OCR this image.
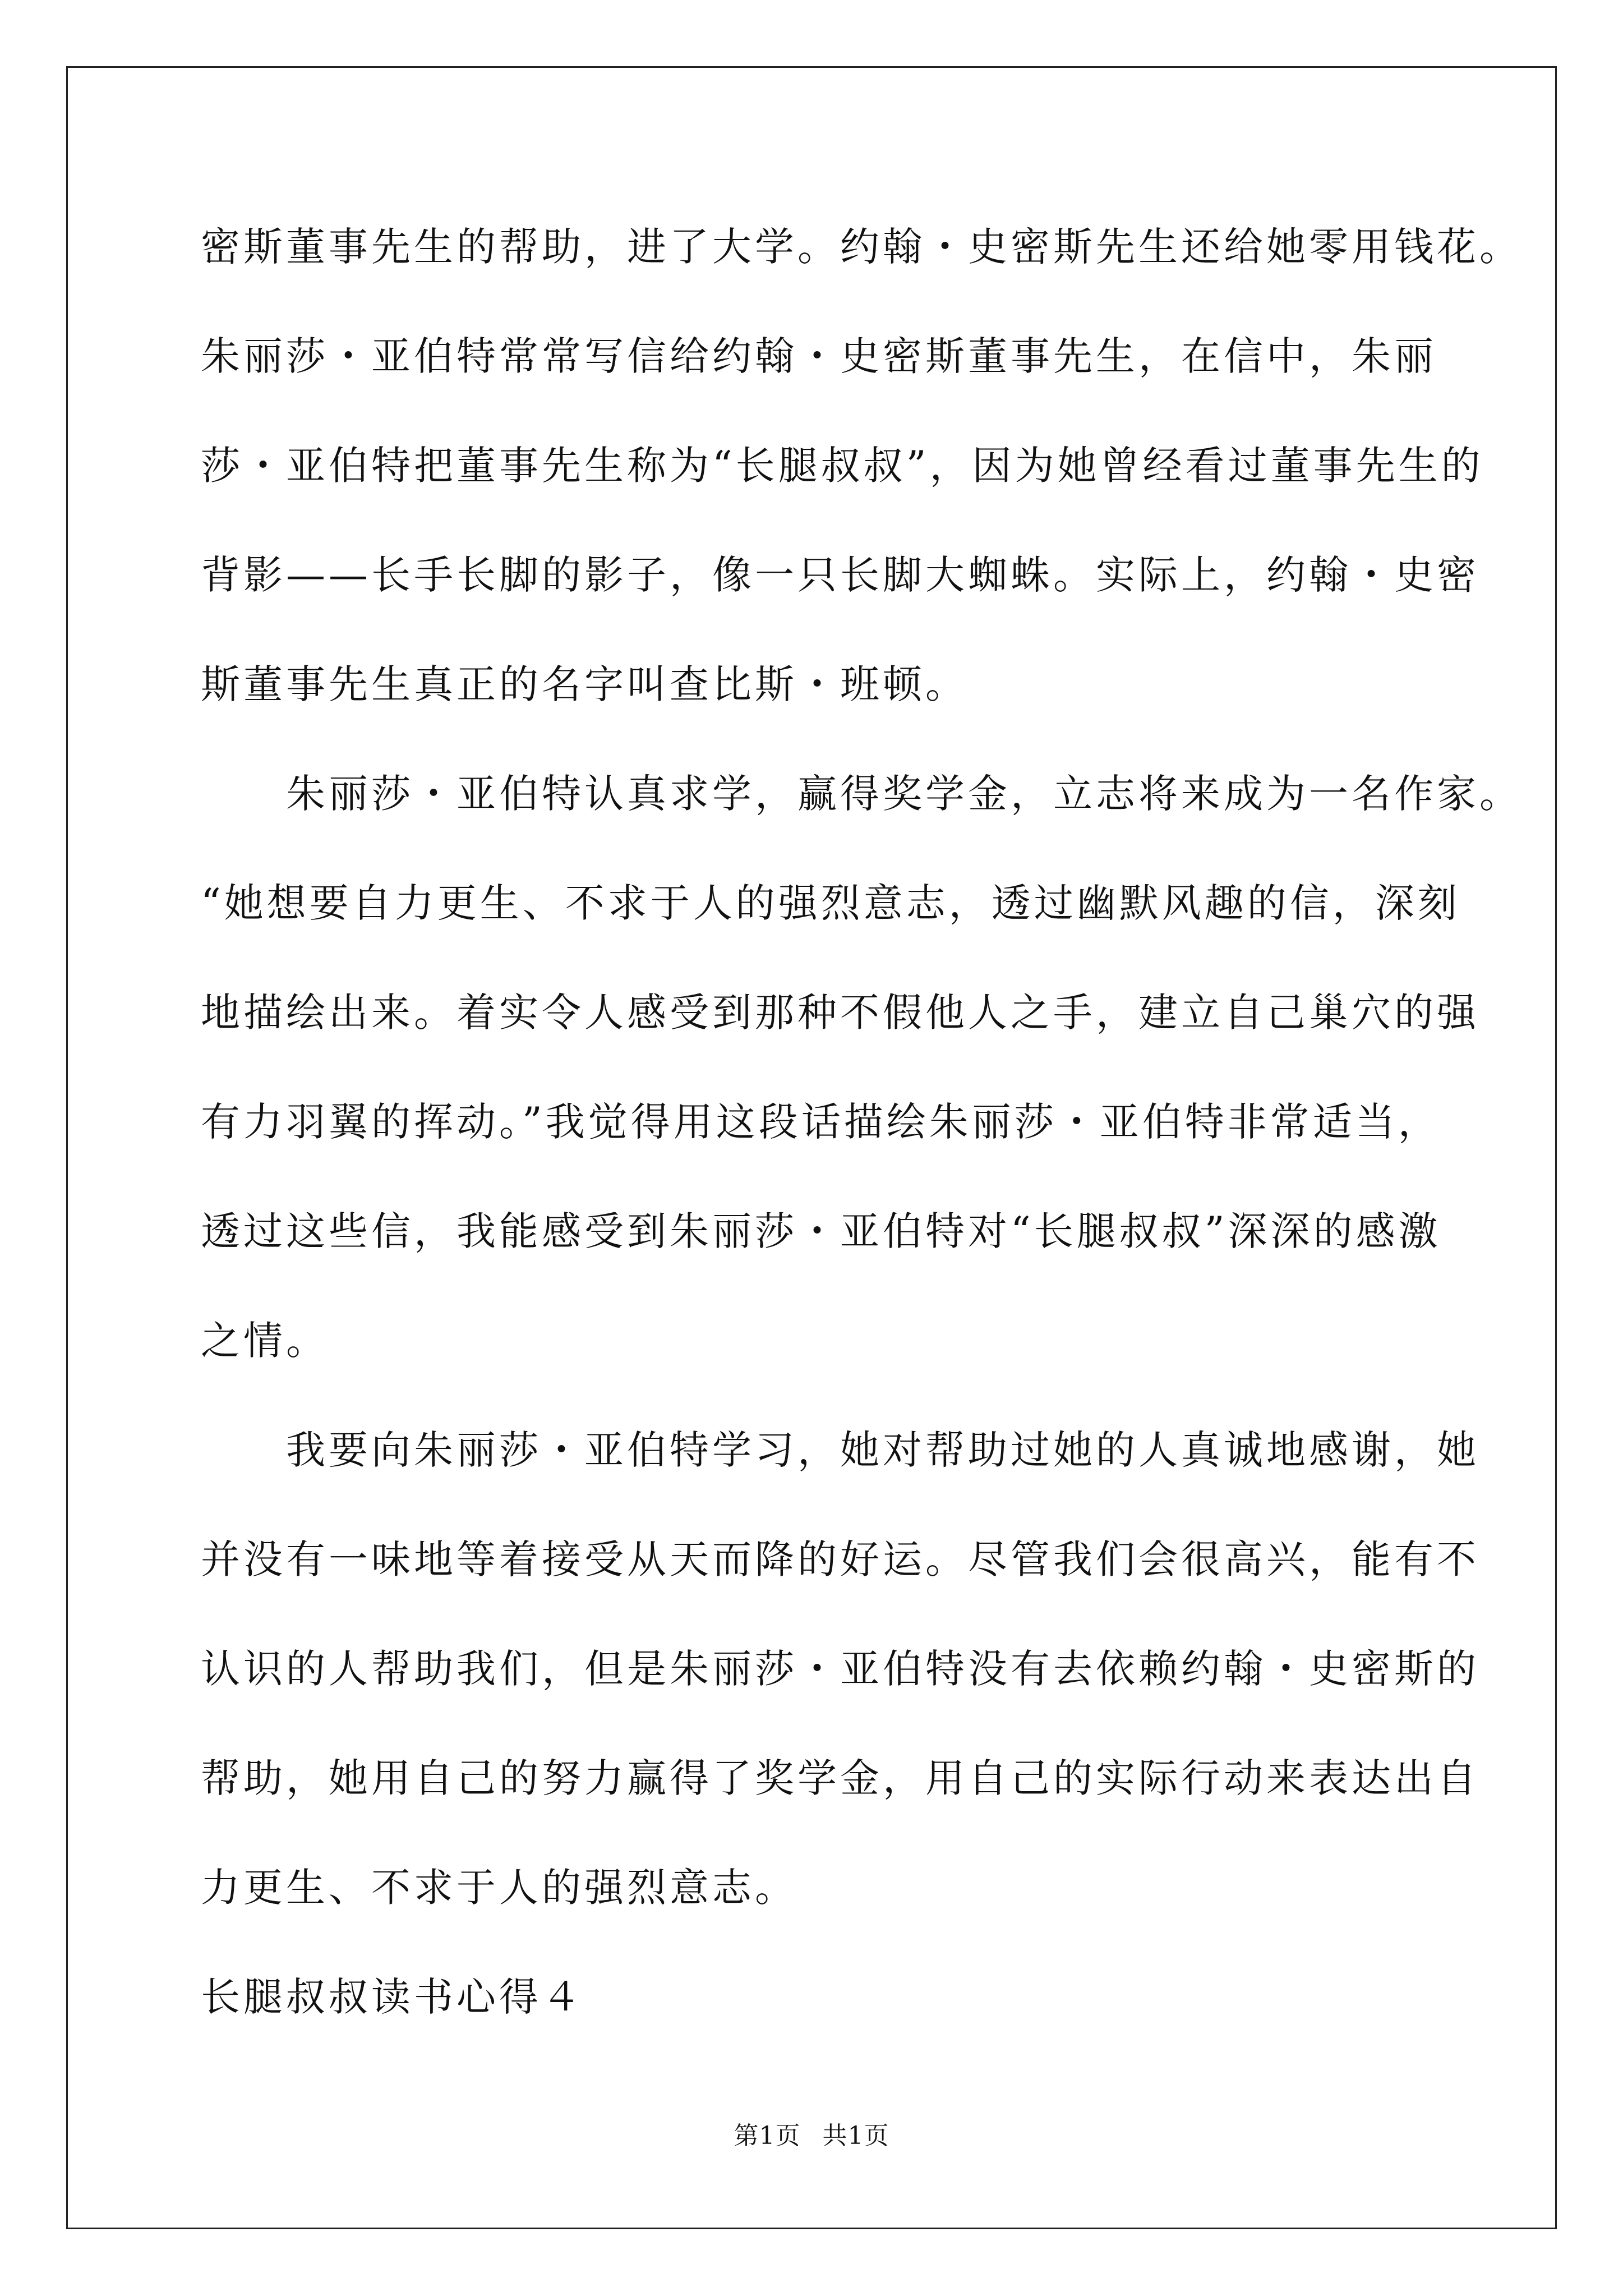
密斯董事先生的帮助，进了大学。约翰・史密斯先生还给她零用钱花。
朱丽莎・亚伯特常常写信给约翰・史密斯董事先生，在信中，朱丽
莎・亚伯特把董事先生称为“长腿叔叔”，因为她曾经看过董事先生的
背影——长手长脚的影子，像一只长脚大蜘蛛。实际上，约翰・史密
斯董事先生真正的名字叫查比斯・班顿。
　　朱丽莎・亚伯特认真求学，赢得奖学金，立志将来成为一名作家。
“她想要自力更生、不求于人的强烈意志，透过幽默风趣的信，深刻
地描绘出来。着实令人感受到那种不假他人之手，建立自己巢穴的强
有力羽翼的挥动。”我觉得用这段话描绘朱丽莎・亚伯特非常适当，
透过这些信，我能感受到朱丽莎・亚伯特对“长腿叔叔”深深的感激
之情。
　　我要向朱丽莎・亚伯特学习，她对帮助过她的人真诚地感谢，她
并没有一味地等着接受从天而降的好运。尽管我们会很高兴，能有不
认识的人帮助我们，但是朱丽莎・亚伯特没有去依赖约翰・史密斯的
帮助，她用自己的努力赢得了奖学金，用自己的实际行动来表达出自
力更生、不求于人的强烈意志。
长腿叔叔读书心得４
第1页 共1页
